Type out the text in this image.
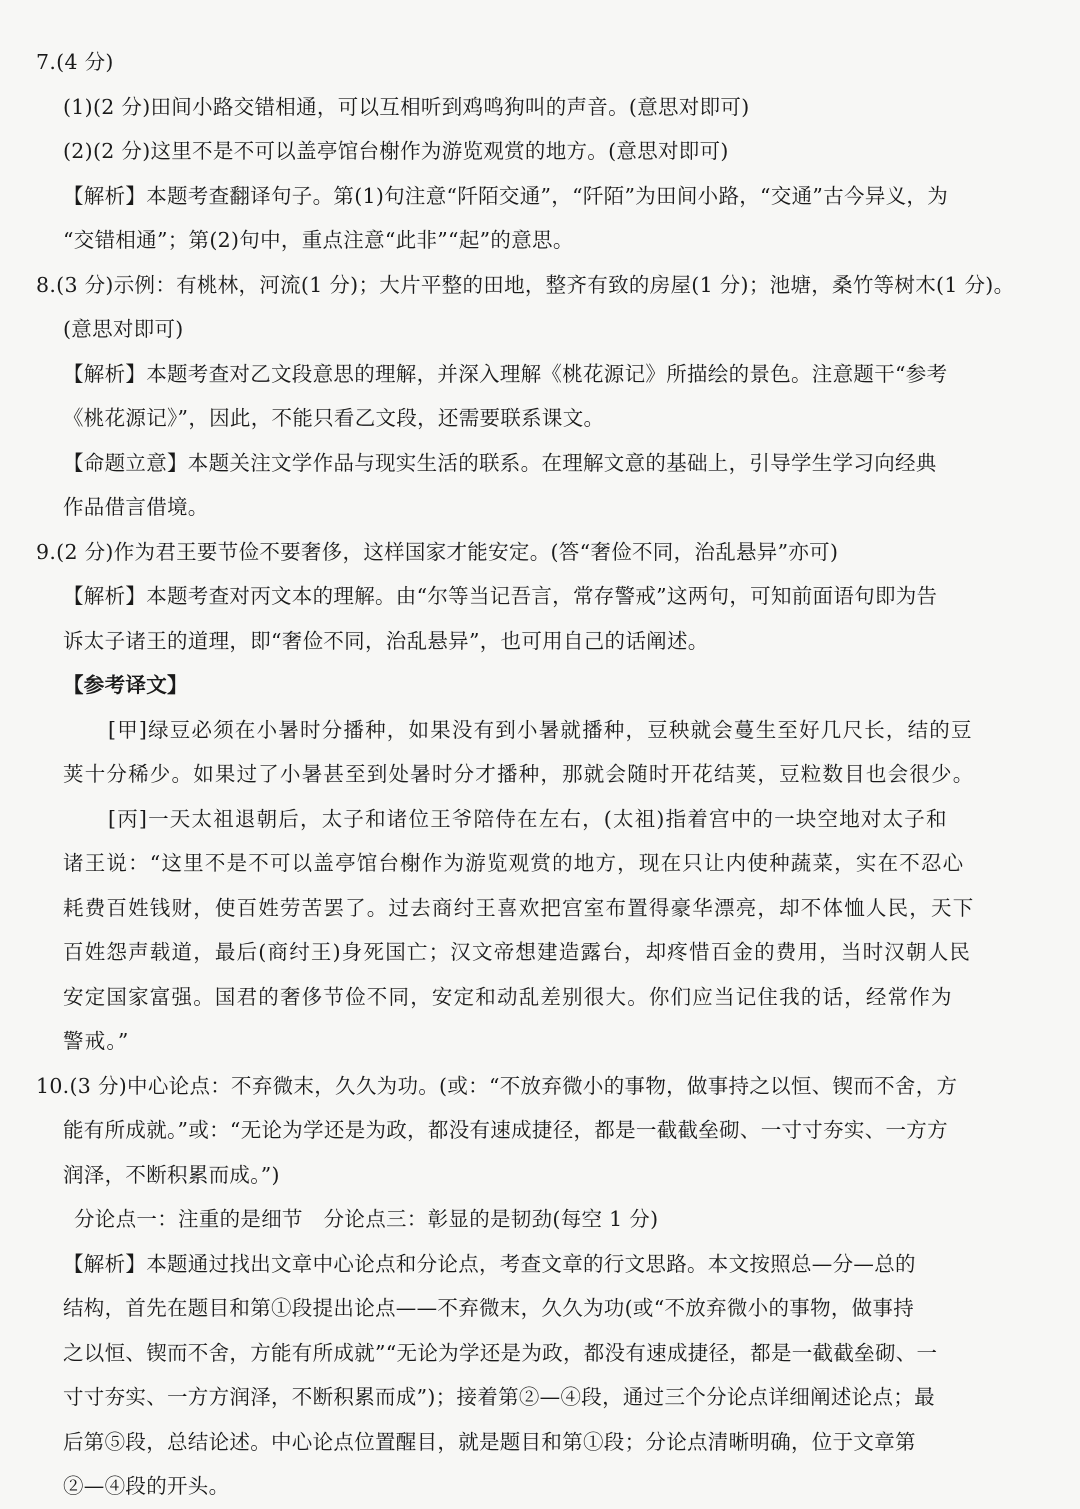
7.(4 分)
(1)(2 分)田间小路交错相通，可以互相听到鸡鸣狗叫的声音。(意思对即可)
(2)(2 分)这里不是不可以盖亭馆台榭作为游览观赏的地方。(意思对即可)
【解析】本题考查翻译句子。第(1)句注意“阡陌交通”，“阡陌”为田间小路，“交通”古今异义，为
“交错相通”；第(2)句中，重点注意“此非”“起”的意思。
8.(3 分)示例：有桃林，河流(1 分)；大片平整的田地，整齐有致的房屋(1 分)；池塘，桑竹等树木(1 分)。
(意思对即可)
【解析】本题考查对乙文段意思的理解，并深入理解《桃花源记》所描绘的景色。注意题干“参考
《桃花源记》”，因此，不能只看乙文段，还需要联系课文。
【命题立意】本题关注文学作品与现实生活的联系。在理解文意的基础上，引导学生学习向经典
作品借言借境。
9.(2 分)作为君王要节俭不要奢侈，这样国家才能安定。(答“奢俭不同，治乱悬异”亦可)
【解析】本题考查对丙文本的理解。由“尔等当记吾言，常存警戒”这两句，可知前面语句即为告
诉太子诸王的道理，即“奢俭不同，治乱悬异”，也可用自己的话阐述。
【参考译文】
[甲]绿豆必须在小暑时分播种，如果没有到小暑就播种，豆秧就会蔓生至好几尺长，结的豆
荚十分稀少。如果过了小暑甚至到处暑时分才播种，那就会随时开花结荚，豆粒数目也会很少。
[丙]一天太祖退朝后，太子和诸位王爷陪侍在左右，(太祖)指着宫中的一块空地对太子和
诸王说：“这里不是不可以盖亭馆台榭作为游览观赏的地方，现在只让内使种蔬菜，实在不忍心
耗费百姓钱财，使百姓劳苦罢了。过去商纣王喜欢把宫室布置得豪华漂亮，却不体恤人民，天下
百姓怨声载道，最后(商纣王)身死国亡；汉文帝想建造露台，却疼惜百金的费用，当时汉朝人民
安定国家富强。国君的奢侈节俭不同，安定和动乱差别很大。你们应当记住我的话，经常作为
警戒。”
10.(3 分)中心论点：不弃微末，久久为功。(或：“不放弃微小的事物，做事持之以恒、锲而不舍，方
能有所成就。”或：“无论为学还是为政，都没有速成捷径，都是一截截垒砌、一寸寸夯实、一方方
润泽，不断积累而成。”)
分论点一：注重的是细节　分论点三：彰显的是韧劲(每空 1 分)
【解析】本题通过找出文章中心论点和分论点，考查文章的行文思路。本文按照总—分—总的
结构，首先在题目和第①段提出论点——不弃微末，久久为功(或“不放弃微小的事物，做事持
之以恒、锲而不舍，方能有所成就”“无论为学还是为政，都没有速成捷径，都是一截截垒砌、一
寸寸夯实、一方方润泽，不断积累而成”)；接着第②—④段，通过三个分论点详细阐述论点；最
后第⑤段，总结论述。中心论点位置醒目，就是题目和第①段；分论点清晰明确，位于文章第
②—④段的开头。
